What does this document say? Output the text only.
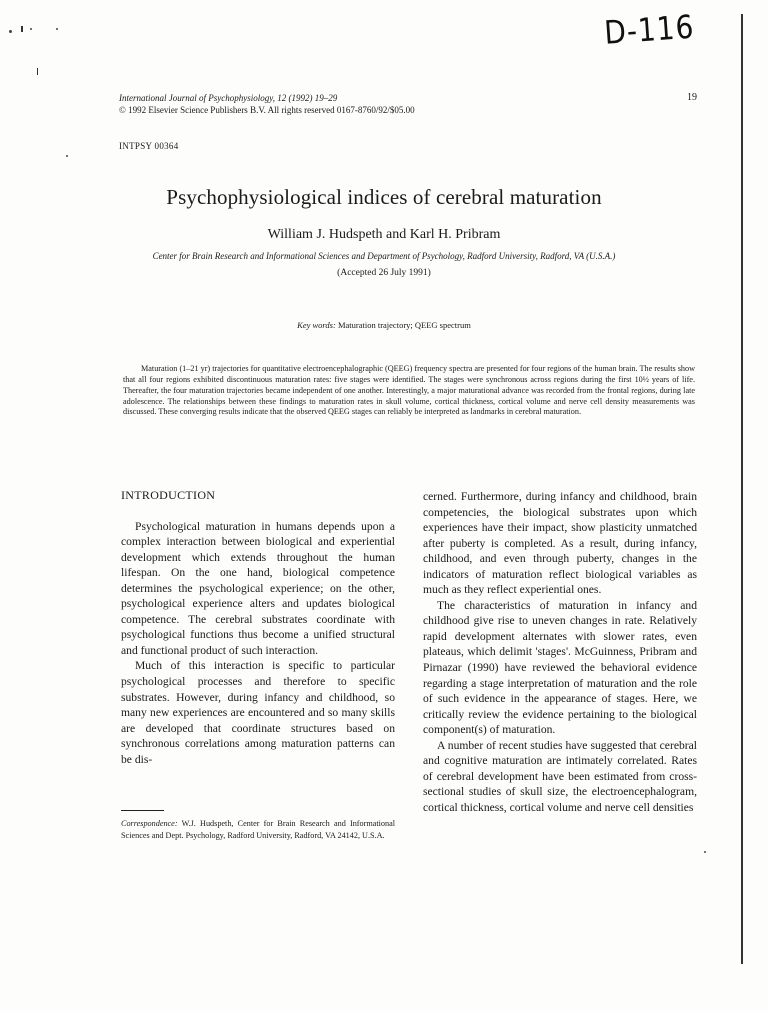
D-116
International Journal of Psychophysiology, 12 (1992) 19–29
© 1992 Elsevier Science Publishers B.V. All rights reserved 0167-8760/92/$05.00
19
INTPSY 00364
Psychophysiological indices of cerebral maturation
William J. Hudspeth and Karl H. Pribram
Center for Brain Research and Informational Sciences and Department of Psychology, Radford University, Radford, VA (U.S.A.)
(Accepted 26 July 1991)
Key words: Maturation trajectory; QEEG spectrum
Maturation (1–21 yr) trajectories for quantitative electroencephalographic (QEEG) frequency spectra are presented for four regions of the human brain. The results show that all four regions exhibited discontinuous maturation rates: five stages were identified. The stages were synchronous across regions during the first 10½ years of life. Thereafter, the four maturation trajectories became independent of one another. Interestingly, a major maturational advance was recorded from the frontal regions, during late adolescence. The relationships between these findings to maturation rates in skull volume, cortical thickness, cortical volume and nerve cell density measurements was discussed. These converging results indicate that the observed QEEG stages can reliably be interpreted as landmarks in cerebral maturation.
INTRODUCTION

Psychological maturation in humans depends upon a complex interaction between biological and experiential development which extends throughout the human lifespan. On the one hand, biological competence determines the psychological experience; on the other, psychological experience alters and updates biological competence. The cerebral substrates coordinate with psychological functions thus become a unified structural and functional product of such interaction.

Much of this interaction is specific to particular psychological processes and therefore to specific substrates. However, during infancy and childhood, so many new experiences are encountered and so many skills are developed that coordinate structures based on synchronous correlations among maturation patterns can be dis-

cerned. Furthermore, during infancy and childhood, brain competencies, the biological substrates upon which experiences have their impact, show plasticity unmatched after puberty is completed. As a result, during infancy, childhood, and even through puberty, changes in the indicators of maturation reflect biological variables as much as they reflect experiential ones.

The characteristics of maturation in infancy and childhood give rise to uneven changes in rate. Relatively rapid development alternates with slower rates, even plateaus, which delimit 'stages'. McGuinness, Pribram and Pirnazar (1990) have reviewed the behavioral evidence regarding a stage interpretation of maturation and the role of such evidence in the appearance of stages. Here, we critically review the evidence pertaining to the biological component(s) of maturation.

A number of recent studies have suggested that cerebral and cognitive maturation are intimately correlated. Rates of cerebral development have been estimated from cross-sectional studies of skull size, the electroencephalogram, cortical thickness, cortical volume and nerve cell densities

Correspondence: W.J. Hudspeth, Center for Brain Research and Informational Sciences and Dept. Psychology, Radford University, Radford, VA 24142, U.S.A.
